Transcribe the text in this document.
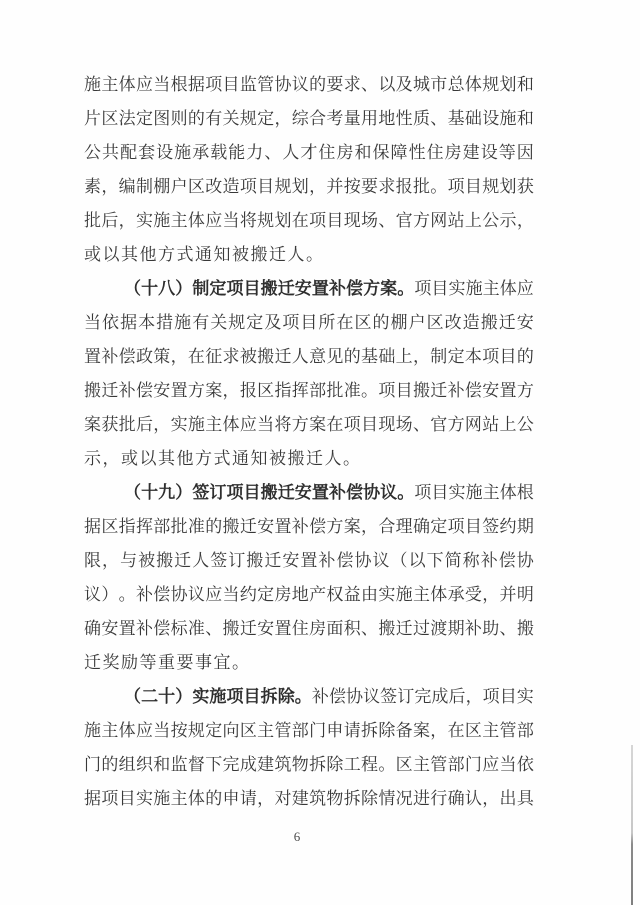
施 主 体 应 当 根 据 项 目 监 管 协 议 的 要 求 、 以 及 城 市 总 体 规 划 和
片 区 法 定 图 则 的 有 关 规 定 ， 综 合 考 量 用 地 性 质 、 基 础 设 施 和
公 共 配 套 设 施 承 载 能 力 、 人 才 住 房 和 保 障 性 住 房 建 设 等 因
素 ， 编 制 棚 户 区 改 造 项 目 规 划 ， 并 按 要 求 报 批 。 项 目 规 划 获
批 后 ， 实 施 主 体 应 当 将 规 划 在 项 目 现 场 、 官 方 网 站 上 公 示 ，
或 以 其 他 方 式 通 知 被 搬 迁 人 。
（ 十 八 ） 制 定 项 目 搬 迁 安 置 补 偿 方 案 。 项 目 实 施 主 体 应
当 依 据 本 措 施 有 关 规 定 及 项 目 所 在 区 的 棚 户 区 改 造 搬 迁 安
置 补 偿 政 策 ， 在 征 求 被 搬 迁 人 意 见 的 基 础 上 ， 制 定 本 项 目 的
搬 迁 补 偿 安 置 方 案 ， 报 区 指 挥 部 批 准 。 项 目 搬 迁 补 偿 安 置 方
案 获 批 后 ， 实 施 主 体 应 当 将 方 案 在 项 目 现 场 、 官 方 网 站 上 公
示 ， 或 以 其 他 方 式 通 知 被 搬 迁 人 。
（ 十 九 ） 签 订 项 目 搬 迁 安 置 补 偿 协 议 。 项 目 实 施 主 体 根
据 区 指 挥 部 批 准 的 搬 迁 安 置 补 偿 方 案 ， 合 理 确 定 项 目 签 约 期
限 ， 与 被 搬 迁 人 签 订 搬 迁 安 置 补 偿 协 议 （ 以 下 简 称 补 偿 协
议 ） 。 补 偿 协 议 应 当 约 定 房 地 产 权 益 由 实 施 主 体 承 受 ， 并 明
确 安 置 补 偿 标 准 、 搬 迁 安 置 住 房 面 积 、 搬 迁 过 渡 期 补 助 、 搬
迁 奖 励 等 重 要 事 宜 。
（ 二 十 ） 实 施 项 目 拆 除 。 补 偿 协 议 签 订 完 成 后 ， 项 目 实
施 主 体 应 当 按 规 定 向 区 主 管 部 门 申 请 拆 除 备 案 ， 在 区 主 管 部
门 的 组 织 和 监 督 下 完 成 建 筑 物 拆 除 工 程 。 区 主 管 部 门 应 当 依
据 项 目 实 施 主 体 的 申 请 ， 对 建 筑 物 拆 除 情 况 进 行 确 认 ， 出 具
6
